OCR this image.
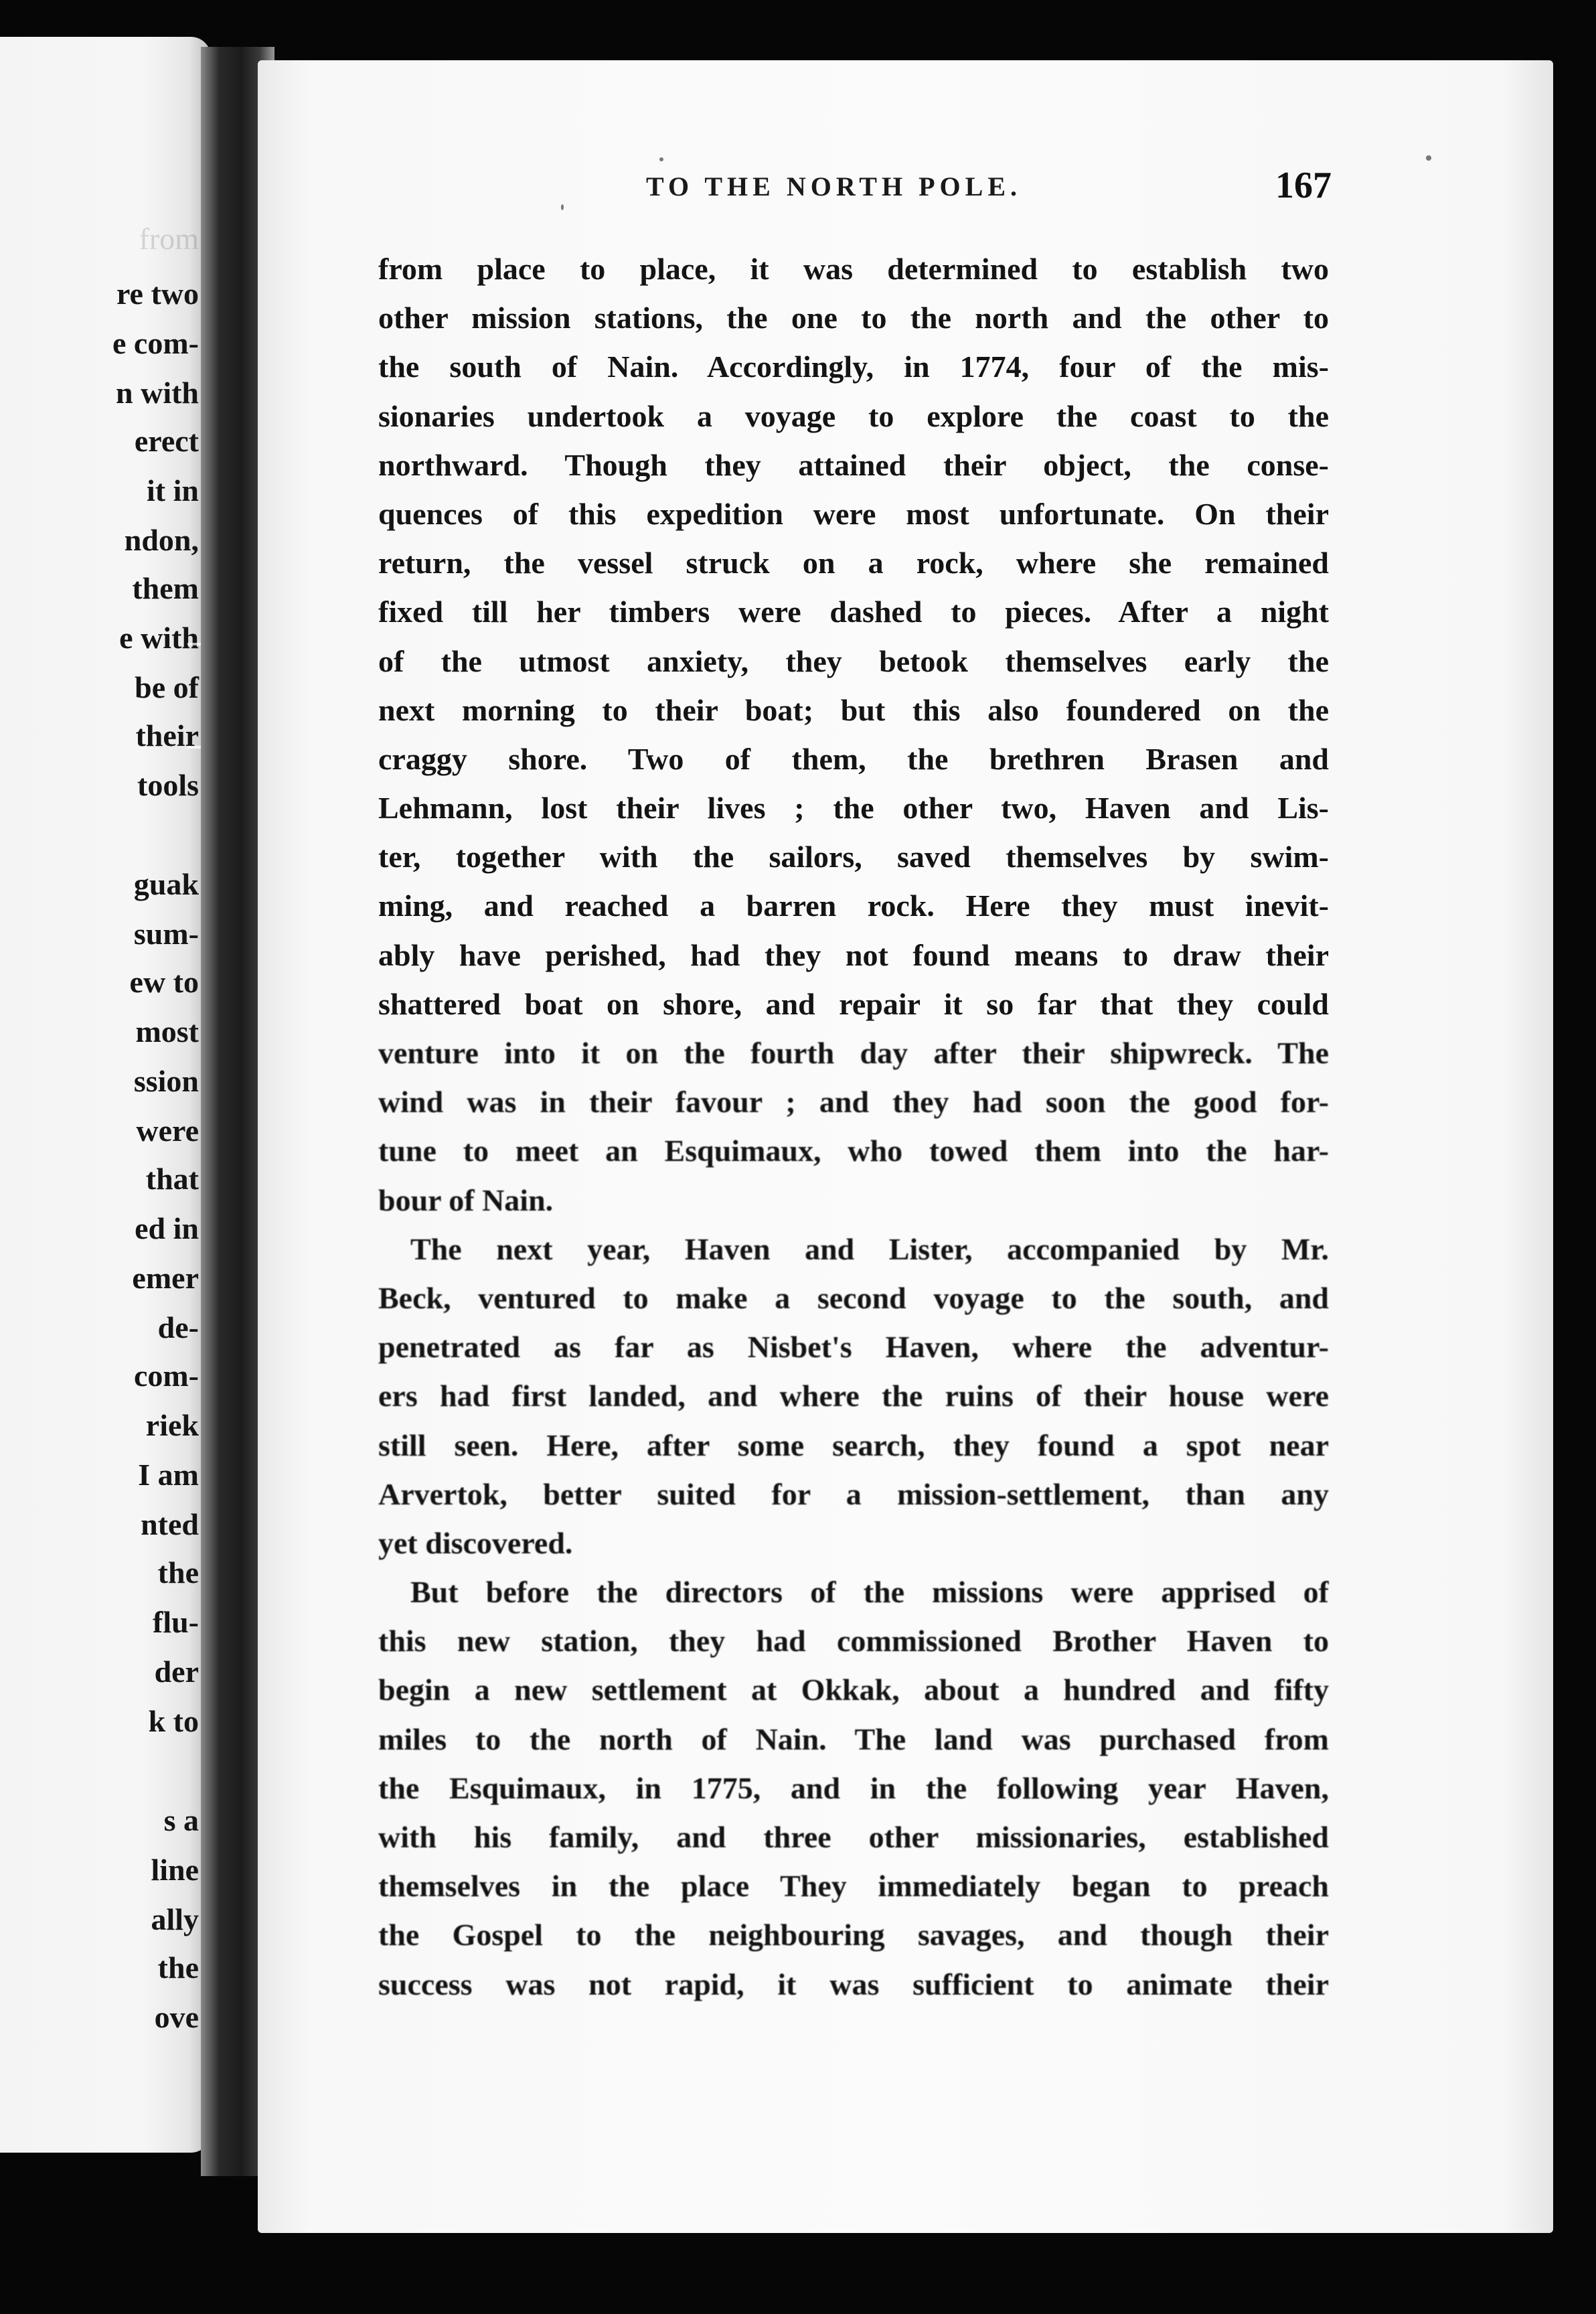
from
re two
e com-
n with
erect
it in
ndon,
them
e with
be of
their
tools
guak
sum-
ew to
most
ssion
were
that
ed in
emer
de-
com-
riek
I am
nted
the
flu-
der
k to
s a
line
ally
the
ove
TO THE NORTH POLE.	167
from place to place, it was determined to establish two
other mission stations, the one to the north and the other to
the south of Nain. Accordingly, in 1774, four of the mis-
sionaries undertook a voyage to explore the coast to the
northward. Though they attained their object, the conse-
quences of this expedition were most unfortunate. On their
return, the vessel struck on a rock, where she remained
fixed till her timbers were dashed to pieces. After a night
of the utmost anxiety, they betook themselves early the
next morning to their boat; but this also foundered on the
craggy shore. Two of them, the brethren Brasen and
Lehmann, lost their lives ; the other two, Haven and Lis-
ter, together with the sailors, saved themselves by swim-
ming, and reached a barren rock. Here they must inevit-
ably have perished, had they not found means to draw their
shattered boat on shore, and repair it so far that they could
venture into it on the fourth day after their shipwreck. The
wind was in their favour ; and they had soon the good for-
tune to meet an Esquimaux, who towed them into the har-
bour of Nain.
The next year, Haven and Lister, accompanied by Mr.
Beck, ventured to make a second voyage to the south, and
penetrated as far as Nisbet's Haven, where the adventur-
ers had first landed, and where the ruins of their house were
still seen. Here, after some search, they found a spot near
Arvertok, better suited for a mission-settlement, than any
yet discovered.
But before the directors of the missions were apprised of
this new station, they had commissioned Brother Haven to
begin a new settlement at Okkak, about a hundred and fifty
miles to the north of Nain. The land was purchased from
the Esquimaux, in 1775, and in the following year Haven,
with his family, and three other missionaries, established
themselves in the place They immediately began to preach
the Gospel to the neighbouring savages, and though their
success was not rapid, it was sufficient to animate their
